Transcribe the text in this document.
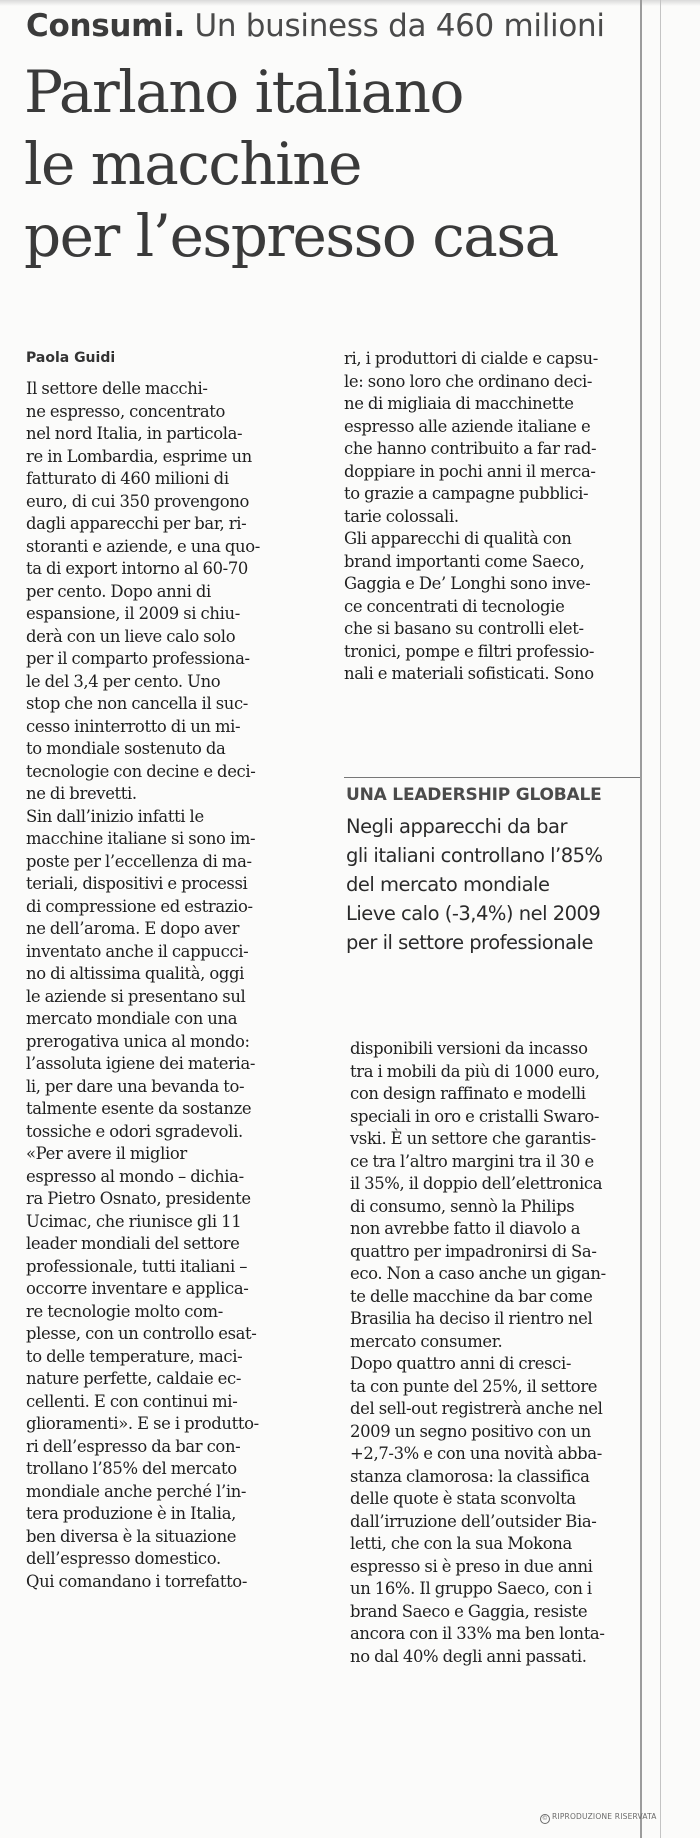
Consumi. Un business da 460 milioni
Parlano italiano
le macchine
per l’espresso casa
Paola Guidi
Il settore delle macchi-
ne espresso, concentrato
nel nord Italia, in particola-
re in Lombardia, esprime un
fatturato di 460 milioni di
euro, di cui 350 provengono
dagli apparecchi per bar, ri-
storanti e aziende, e una quo-
ta di export intorno al 60-70
per cento. Dopo anni di
espansione, il 2009 si chiu-
derà con un lieve calo solo
per il comparto professiona-
le del 3,4 per cento. Uno
stop che non cancella il suc-
cesso ininterrotto di un mi-
to mondiale sostenuto da
tecnologie con decine e deci-
ne di brevetti.
Sin dall’inizio infatti le
macchine italiane si sono im-
poste per l’eccellenza di ma-
teriali, dispositivi e processi
di compressione ed estrazio-
ne dell’aroma. E dopo aver
inventato anche il cappucci-
no di altissima qualità, oggi
le aziende si presentano sul
mercato mondiale con una
prerogativa unica al mondo:
l’assoluta igiene dei materia-
li, per dare una bevanda to-
talmente esente da sostanze
tossiche e odori sgradevoli.
«Per avere il miglior
espresso al mondo – dichia-
ra Pietro Osnato, presidente
Ucimac, che riunisce gli 11
leader mondiali del settore
professionale, tutti italiani –
occorre inventare e applica-
re tecnologie molto com-
plesse, con un controllo esat-
to delle temperature, maci-
nature perfette, caldaie ec-
cellenti. E con continui mi-
glioramenti». E se i produtto-
ri dell’espresso da bar con-
trollano l’85% del mercato
mondiale anche perché l’in-
tera produzione è in Italia,
ben diversa è la situazione
dell’espresso domestico.
Qui comandano i torrefatto-
ri, i produttori di cialde e capsu-
le: sono loro che ordinano deci-
ne di migliaia di macchinette
espresso alle aziende italiane e
che hanno contribuito a far rad-
doppiare in pochi anni il merca-
to grazie a campagne pubblici-
tarie colossali.
Gli apparecchi di qualità con
brand importanti come Saeco,
Gaggia e De’ Longhi sono inve-
ce concentrati di tecnologie
che si basano su controlli elet-
tronici, pompe e filtri professio-
nali e materiali sofisticati. Sono
UNA LEADERSHIP GLOBALE
Negli apparecchi da bar
gli italiani controllano l’85%
del mercato mondiale
Lieve calo (-3,4%) nel 2009
per il settore professionale
disponibili versioni da incasso
tra i mobili da più di 1000 euro,
con design raffinato e modelli
speciali in oro e cristalli Swaro-
vski. È un settore che garantis-
ce tra l’altro margini tra il 30 e
il 35%, il doppio dell’elettronica
di consumo, sennò la Philips
non avrebbe fatto il diavolo a
quattro per impadronirsi di Sa-
eco. Non a caso anche un gigan-
te delle macchine da bar come
Brasilia ha deciso il rientro nel
mercato consumer.
Dopo quattro anni di cresci-
ta con punte del 25%, il settore
del sell-out registrerà anche nel
2009 un segno positivo con un
+2,7-3% e con una novità abba-
stanza clamorosa: la classifica
delle quote è stata sconvolta
dall’irruzione dell’outsider Bia-
letti, che con la sua Mokona
espresso si è preso in due anni
un 16%. Il gruppo Saeco, con i
brand Saeco e Gaggia, resiste
ancora con il 33% ma ben lonta-
no dal 40% degli anni passati.
© RIPRODUZIONE RISERVATA
